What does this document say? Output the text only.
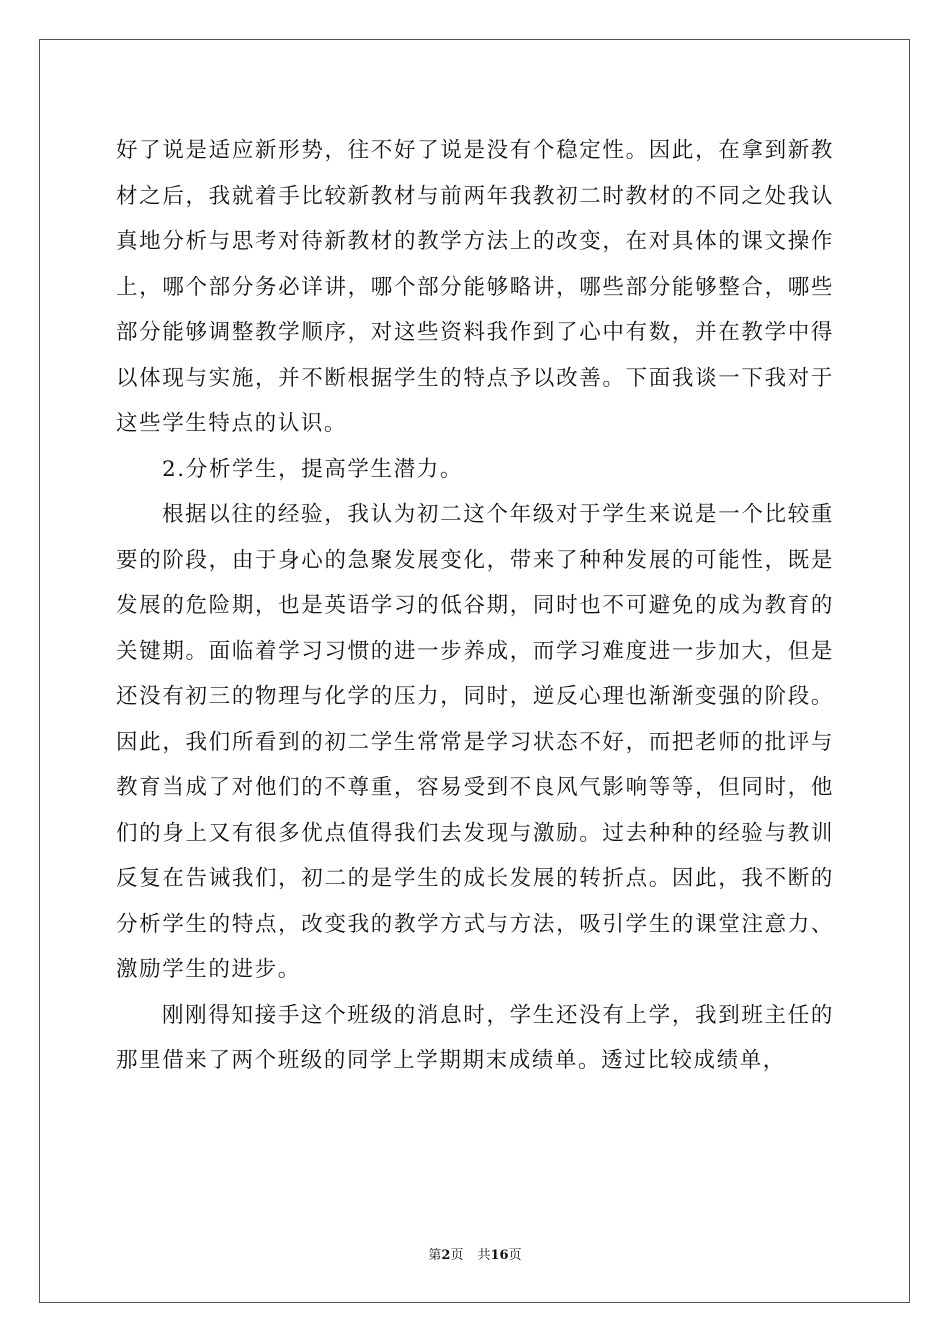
好了说是适应新形势，往不好了说是没有个稳定性。因此，在拿到新教材之后，我就着手比较新教材与前两年我教初二时教材的不同之处我认真地分析与思考对待新教材的教学方法上的改变，在对具体的课文操作上，哪个部分务必详讲，哪个部分能够略讲，哪些部分能够整合，哪些部分能够调整教学顺序，对这些资料我作到了心中有数，并在教学中得以体现与实施，并不断根据学生的特点予以改善。下面我谈一下我对于这些学生特点的认识。

2.分析学生，提高学生潜力。

根据以往的经验，我认为初二这个年级对于学生来说是一个比较重要的阶段，由于身心的急聚发展变化，带来了种种发展的可能性，既是发展的危险期，也是英语学习的低谷期，同时也不可避免的成为教育的关键期。面临着学习习惯的进一步养成，而学习难度进一步加大，但是还没有初三的物理与化学的压力，同时，逆反心理也渐渐变强的阶段。因此，我们所看到的初二学生常常是学习状态不好，而把老师的批评与教育当成了对他们的不尊重，容易受到不良风气影响等等，但同时，他们的身上又有很多优点值得我们去发现与激励。过去种种的经验与教训反复在告诫我们，初二的是学生的成长发展的转折点。因此，我不断的分析学生的特点，改变我的教学方式与方法，吸引学生的课堂注意力、激励学生的进步。

刚刚得知接手这个班级的消息时，学生还没有上学，我到班主任的那里借来了两个班级的同学上学期期末成绩单。透过比较成绩单，

第2页 共16页
